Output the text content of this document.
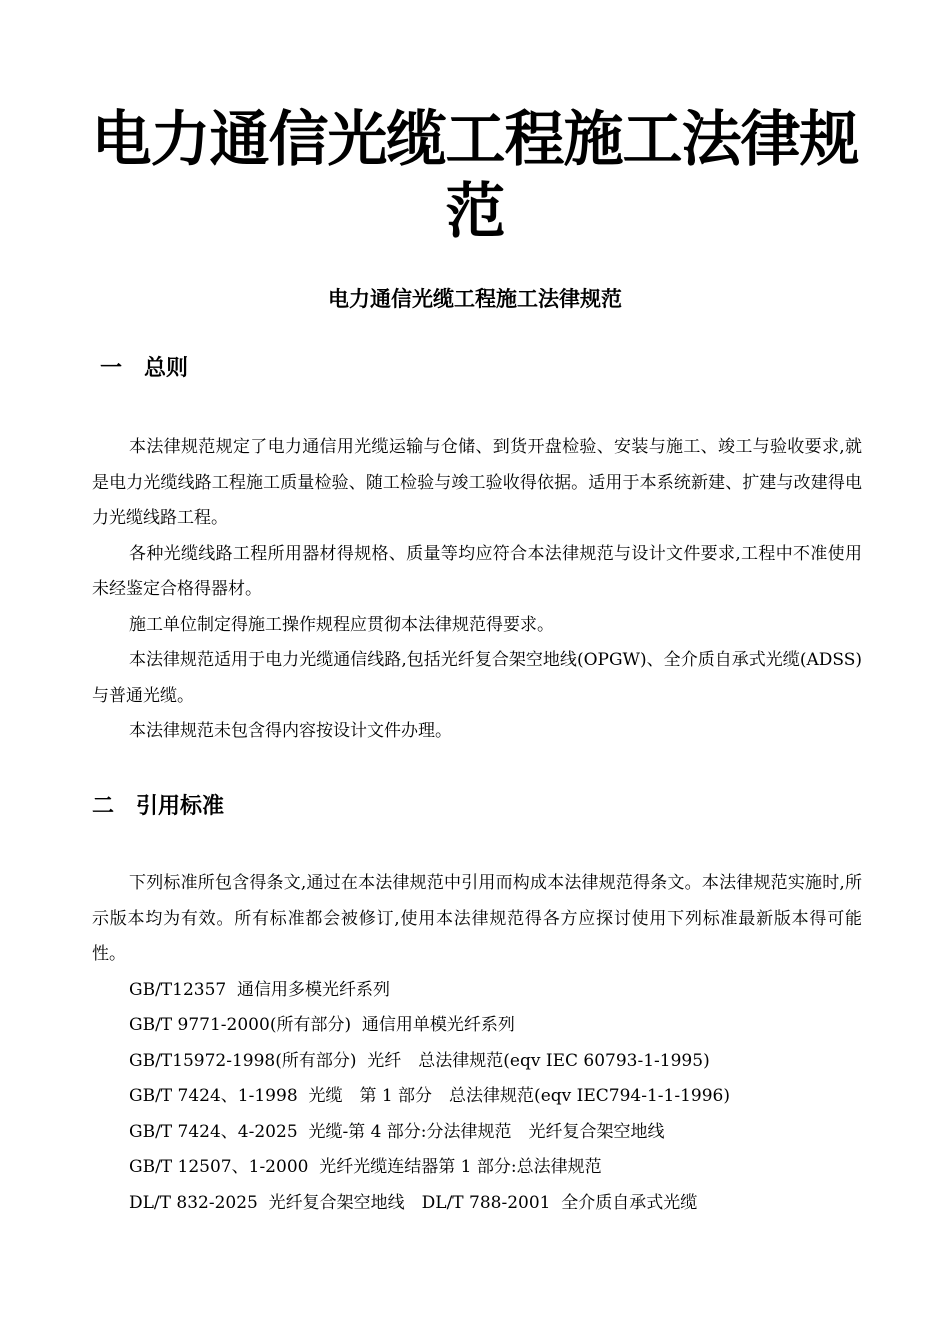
电力通信光缆工程施工法律规范
电力通信光缆工程施工法律规范
一　总则

本法律规范规定了电力通信用光缆运输与仓储、到货开盘检验、安装与施工、竣工与验收要求,就是电力光缆线路工程施工质量检验、随工检验与竣工验收得依据。适用于本系统新建、扩建与改建得电力光缆线路工程。

各种光缆线路工程所用器材得规格、质量等均应符合本法律规范与设计文件要求,工程中不准使用未经鉴定合格得器材。

施工单位制定得施工操作规程应贯彻本法律规范得要求。

本法律规范适用于电力光缆通信线路,包括光纤复合架空地线(OPGW)、全介质自承式光缆(ADSS)与普通光缆。

本法律规范未包含得内容按设计文件办理。

二　引用标准

下列标准所包含得条文,通过在本法律规范中引用而构成本法律规范得条文。本法律规范实施时,所示版本均为有效。所有标准都会被修订,使用本法律规范得各方应探讨使用下列标准最新版本得可能性。

GB/T12357  通信用多模光纤系列

GB/T 9771-2000(所有部分)  通信用单模光纤系列

GB/T15972-1998(所有部分)  光纤　总法律规范(eqv IEC 60793-1-1995)

GB/T 7424、1-1998  光缆　第 1 部分　总法律规范(eqv IEC794-1-1-1996)

GB/T 7424、4-2025  光缆-第 4 部分:分法律规范　光纤复合架空地线

GB/T 12507、1-2000  光纤光缆连结器第 1 部分:总法律规范

DL/T 832-2025  光纤复合架空地线　DL/T 788-2001  全介质自承式光缆
